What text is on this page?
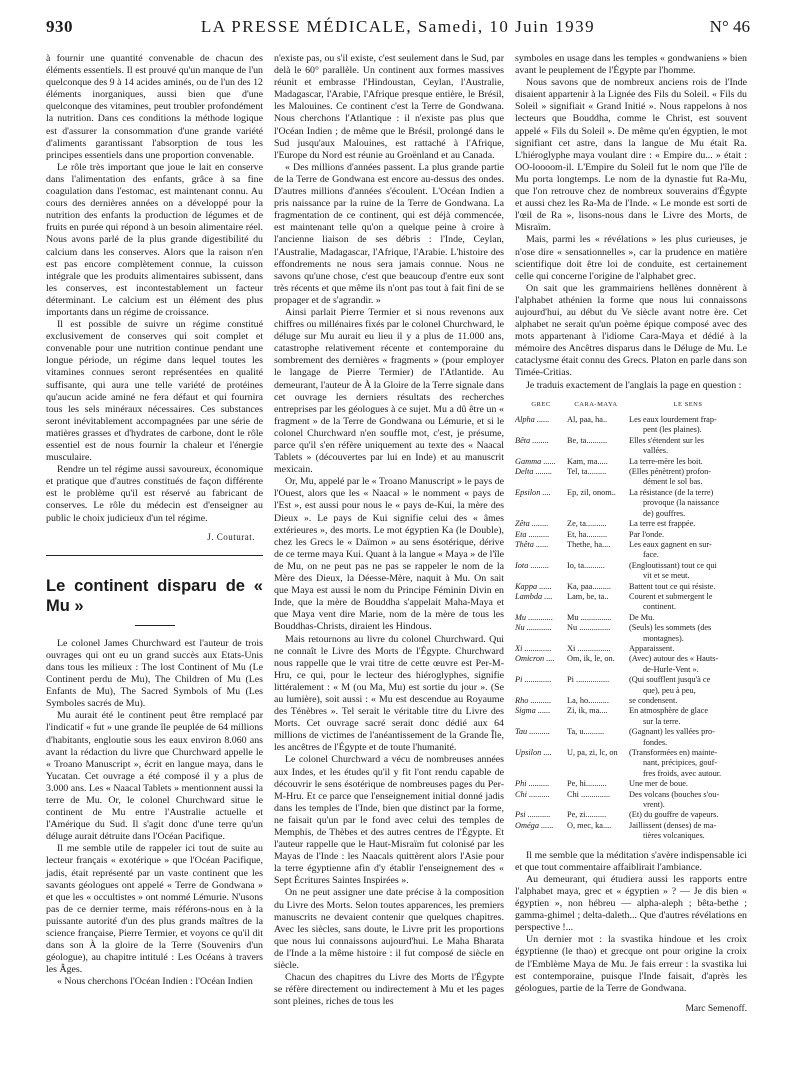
930	LA PRESSE MÉDICALE, Samedi, 10 Juin 1939	N° 46

à fournir une quantité convenable de chacun des éléments essentiels. Il est prouvé qu'un manque de l'un quelconque des 9 à 14 acides aminés, ou de l'un des 12 éléments inorganiques, aussi bien que d'une quelconque des vitamines, peut troubler profondément la nutrition. Dans ces conditions la méthode logique est d'assurer la consommation d'une grande variété d'aliments garantissant l'absorption de tous les principes essentiels dans une proportion convenable.

Le rôle très important que joue le lait en conserve dans l'alimentation des enfants, grâce à sa fine coagulation dans l'estomac, est maintenant connu. Au cours des dernières années on a développé pour la nutrition des enfants la production de légumes et de fruits en purée qui répond à un besoin alimentaire réel. Nous avons parlé de la plus grande digestibilité du calcium dans les conserves. Alors que la raison n'en est pas encore complètement connue, la cuisson intégrale que les produits alimentaires subissent, dans les conserves, est incontestablement un facteur déterminant. Le calcium est un élément des plus importants dans un régime de croissance.

Il est possible de suivre un régime constitué exclusivement de conserves qui soit complet et convenable pour une nutrition continue pendant une longue période, un régime dans lequel toutes les vitamines connues seront représentées en qualité suffisante, qui aura une telle variété de protéines qu'aucun acide aminé ne fera défaut et qui fournira tous les sels minéraux nécessaires. Ces substances seront inévitablement accompagnées par une série de matières grasses et d'hydrates de carbone, dont le rôle essentiel est de nous fournir la chaleur et l'énergie musculaire.

Rendre un tel régime aussi savoureux, économique et pratique que d'autres constitués de façon différente est le problème qu'il est réservé au fabricant de conserves. Le rôle du médecin est d'enseigner au public le choix judicieux d'un tel régime.

J. Couturat.
Le continent disparu de « Mu »

Le colonel James Churchward est l'auteur de trois ouvrages qui ont eu un grand succès aux Etats-Unis dans tous les milieux : The lost Continent of Mu (Le Continent perdu de Mu), The Children of Mu (Les Enfants de Mu), The Sacred Symbols of Mu (Les Symboles sacrés de Mu).

Mu aurait été le continent peut être remplacé par l'indicatif « fut » une grande île peuplée de 64 millions d'habitants, engloutie sous les eaux environ 8.060 ans avant la rédaction du livre que Churchward appelle le « Troano Manuscript », écrit en langue maya, dans le Yucatan. Cet ouvrage a été composé il y a plus de 3.000 ans. Les « Naacal Tablets » mentionnent aussi la terre de Mu. Or, le colonel Churchward situe le continent de Mu entre l'Australie actuelle et l'Amérique du Sud. Il s'agit donc d'une terre qu'un déluge aurait détruite dans l'Océan Pacifique.

Il me semble utile de rappeler ici tout de suite au lecteur français « exotérique » que l'Océan Pacifique, jadis, était représenté par un vaste continent que les savants géologues ont appelé « Terre de Gondwana » et que les « occultistes » ont nommé Lémurie. N'usons pas de ce dernier terme, mais référons-nous en à la puissante autorité d'un des plus grands maîtres de la science française, Pierre Termier, et voyons ce qu'il dit dans son À la gloire de la Terre (Souvenirs d'un géologue), au chapitre intitulé : Les Océans à travers les Âges.

« Nous cherchons l'Océan Indien : l'Océan Indien

n'existe pas, ou s'il existe, c'est seulement dans le Sud, par delà le 60° parallèle. Un continent aux formes massives réunit et embrasse l'Hindoustan, Ceylan, l'Australie, Madagascar, l'Arabie, l'Afrique presque entière, le Brésil, les Malouines. Ce continent c'est la Terre de Gondwana. Nous cherchons l'Atlantique : il n'existe pas plus que l'Océan Indien ; de même que le Brésil, prolongé dans le Sud jusqu'aux Malouines, est rattaché à l'Afrique, l'Europe du Nord est réunie au Groënland et au Canada.

« Des millions d'années passent. La plus grande partie de la Terre de Gondwana est encore au-dessus des ondes. D'autres millions d'années s'écoulent. L'Océan Indien a pris naissance par la ruine de la Terre de Gondwana. La fragmentation de ce continent, qui est déjà commencée, est maintenant telle qu'on a quelque peine à croire à l'ancienne liaison de ses débris : l'Inde, Ceylan, l'Australie, Madagascar, l'Afrique, l'Arabie. L'histoire des effondrements ne nous sera jamais connue. Nous ne savons qu'une chose, c'est que beaucoup d'entre eux sont très récents et que même ils n'ont pas tout à fait fini de se propager et de s'agrandir. »

Ainsi parlait Pierre Termier et si nous revenons aux chiffres ou millénaires fixés par le colonel Churchward, le déluge sur Mu aurait eu lieu il y a plus de 11.000 ans, catastrophe relativement récente et contemporaine du sombrement des dernières « fragments » (pour employer le langage de Pierre Termier) de l'Atlantide. Au demeurant, l'auteur de À la Gloire de la Terre signale dans cet ouvrage les derniers résultats des recherches entreprises par les géologues à ce sujet. Mu a dû être un « fragment » de la Terre de Gondwana ou Lémurie, et si le colonel Churchward n'en souffle mot, c'est, je présume, parce qu'il s'en réfère uniquement au texte des « Naacal Tablets » (découvertes par lui en Inde) et au manuscrit mexicain.

Or, Mu, appelé par le « Troano Manuscript » le pays de l'Ouest, alors que les « Naacal » le nomment « pays de l'Est », est aussi pour nous le « pays de-Kui, la mère des Dieux ». Le pays de Kui signifie celui des « âmes extérieures », des morts. Le mot égyptien Ka (le Double), chez les Grecs le « Daïmon » au sens ésotérique, dérive de ce terme maya Kui. Quant à la langue « Maya » de l'île de Mu, on ne peut pas ne pas se rappeler le nom de la Mère des Dieux, la Déesse-Mère, naquit à Mu. On sait que Maya est aussi le nom du Principe Féminin Divin en Inde, que la mère de Bouddha s'appelait Maha-Maya et que Maya vent dire Marie, nom de la mère de tous les Bouddhas-Christs, diraient les Hindous.

Mais retournons au livre du colonel Churchward. Qui ne connaît le Livre des Morts de l'Égypte. Churchward nous rappelle que le vrai titre de cette œuvre est Per-M-Hru, ce qui, pour le lecteur des hiéroglyphes, signifie littéralement : « M (ou Ma, Mu) est sortie du jour ». (Se au lumière), soit aussi : « Mu est descendue au Royaume des Ténèbres ». Tel serait le véritable titre du Livre des Morts. Cet ouvrage sacré serait donc dédié aux 64 millions de victimes de l'anéantissement de la Grande Île, les ancêtres de l'Égypte et de toute l'humanité.

Le colonel Churchward a vécu de nombreuses années aux Indes, et les études qu'il y fit l'ont rendu capable de découvrir le sens ésotérique de nombreuses pages du Per-M-Hru. Et ce parce que l'enseignement initial donné jadis dans les temples de l'Inde, bien que distinct par la forme, ne faisait qu'un par le fond avec celui des temples de Memphis, de Thèbes et des autres centres de l'Égypte. Et l'auteur rappelle que le Haut-Misraïm fut colonisé par les Mayas de l'Inde : les Naacals quittèrent alors l'Asie pour la terre égyptienne afin d'y établir l'enseignement des « Sept Écritures Saintes Inspirées ».

On ne peut assigner une date précise à la composition du Livre des Morts. Selon toutes apparences, les premiers manuscrits ne devaient contenir que quelques chapitres. Avec les siècles, sans doute, le Livre prit les proportions que nous lui connaissons aujourd'hui. Le Maha Bharata de l'Inde a la même histoire : il fut composé de siècle en siècle.

Chacun des chapitres du Livre des Morts de l'Égypte se réfère directement ou indirectement à Mu et les pages sont pleines, riches de tous les

symboles en usage dans les temples « gondwaniens » bien avant le peuplement de l'Égypte par l'homme.

Nous savons que de nombreux anciens rois de l'Inde disaient appartenir à la Lignée des Fils du Soleil. « Fils du Soleil » signifiait « Grand Initié ». Nous rappelons à nos lecteurs que Bouddha, comme le Christ, est souvent appelé « Fils du Soleil ». De même qu'en égyptien, le mot signifiant cet astre, dans la langue de Mu était Ra. L'hiéroglyphe maya voulant dire : « Empire du... » était : OO-loooom-il. L'Empire du Soleil fut le nom que l'île de Mu porta longtemps. Le nom de la dynastie fut Ra-Mu, que l'on retrouve chez de nombreux souverains d'Égypte et aussi chez les Ra-Ma de l'Inde. « Le monde est sorti de l'œil de Ra », lisons-nous dans le Livre des Morts, de Misraïm.

Mais, parmi les « révélations » les plus curieuses, je n'ose dire « sensationnelles », car la prudence en matière scientifique doit être loi de conduite, est certainement celle qui concerne l'origine de l'alphabet grec.

On sait que les grammairiens hellènes donnèrent à l'alphabet athénien la forme que nous lui connaissons aujourd'hui, au début du Ve siècle avant notre ère. Cet alphabet ne serait qu'un poème épique composé avec des mots appartenant à l'idiome Cara-Maya et dédié à la mémoire des Ancêtres disparus dans le Déluge de Mu. Le cataclysme était connu des Grecs. Platon en parle dans son Timée-Critias.

Je traduis exactement de l'anglais la page en question :

GREC	CARA-MAYA	LE SENS
Alpha ......	Al, paa, ha..	Les eaux lourdement frap-
pent (les plaines).
Bêta ........	Be, ta..........	Elles s'étendent sur les
vallées.
Gamma ......	Kam, ma.....	La terre-mère les boit.
Delta ........	Tel, ta.........	(Elles pénètrent) profon-
dément le sol bas.
Epsilon ....	Ep, zil, onom..	La résistance (de la terre)
provoque (la naissance
de) gouffres.
Zêta ........	Ze, ta..........	La terre est frappée.
Eta ..........	Et, ha..........	Par l'onde.
Thêta ......	Thethe, ha....	Les eaux gagnent en sur-
face.
Iota .........	Io, ta..........	(Engloutissant) tout ce qui
vit et se meut.
Kappa ......	Ka, paa.........	Battent tout ce qui résiste.
Lambda ....	Lam, be, ta..	Courent et submergent le
continent.
Mu ............	Mu ...............	De Mu.
Nu ............	Nu ...............	(Seuls) les sommets (des
montagnes).
Xi .............	Xi ................	Apparaissent.
Omicron ....	Om, ik, le, on.	(Avec) autour des « Hauts-
de-Hurle-Vent ».
Pi .............	Pi ................	(Qui soufflent jusqu'à ce
que), peu à peu,
Rho ..........	La, ho..........	se condensent.
Sigma ......	Zi, ik, ma....	En atmosphère de glace
sur la terre.
Tau ..........	Ta, u..........	(Gagnant) les vallées pro-
fondes.
Upsilon ....	U, pa, zi, lc, on	(Transformées en) mainte-
nant, précipices, gouf-
fres froids, avec autour.
Phi ..........	Pe, hi..........	Une mer de boue.
Chi ..........	Chi ..............	Des volcans (bouches s'ou-
vrent).
Psi ...........	Pe, zi..........	(Et) du gouffre de vapeurs.
Oméga ......	O, mec, ka....	Jaillissent (denses) de ma-
tières volcaniques.

Il me semble que la méditation s'avère indispensable ici et que tout commentaire affaiblirait l'ambiance.

Au demeurant, qui étudiera aussi les rapports entre l'alphabet maya, grec et « égyptien » ? — Je dis bien « égyptien », non hébreu — alpha-aleph ; bêta-bethe ; gamma-ghimel ; delta-daleth... Que d'autres révélations en perspective !...

Un dernier mot : la svastika hindoue et les croix égyptienne (le thao) et grecque ont pour origine la croix de l'Emblème Maya de Mu. Je fais erreur : la svastika lui est contemporaine, puisque l'Inde faisait, d'après les géologues, partie de la Terre de Gondwana.

Marc Semenoff.
